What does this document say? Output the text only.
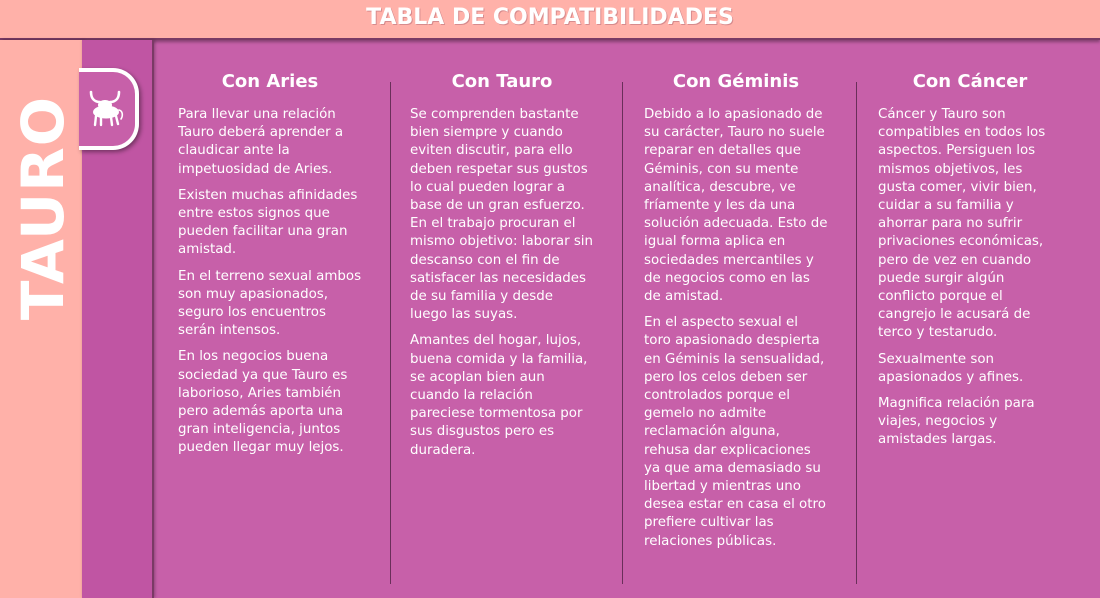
TABLA DE COMPATIBILIDADES
TAURO
Con Aries

Para llevar una relación Tauro deberá aprender a claudicar ante la impetuosidad de Aries.

Existen muchas afinidades entre estos signos que pueden facilitar una gran amistad.

En el terreno sexual ambos son muy apasionados, seguro los encuentros serán intensos.

En los negocios buena sociedad ya que Tauro es laborioso, Aries también pero además aporta una gran inteligencia, juntos pueden llegar muy lejos.

Con Tauro

Se comprenden bastante bien siempre y cuando eviten discutir, para ello deben respetar sus gustos lo cual pueden lograr a base de un gran esfuerzo. En el trabajo procuran el mismo objetivo: laborar sin descanso con el fin de satisfacer las necesidades de su familia y desde luego las suyas.

Amantes del hogar, lujos, buena comida y la familia, se acoplan bien aun cuando la relación pareciese tormentosa por sus disgustos pero es duradera.

Con Géminis

Debido a lo apasionado de su carácter, Tauro no suele reparar en detalles que Géminis, con su mente analítica, descubre, ve fríamente y les da una solución adecuada. Esto de igual forma aplica en sociedades mercantiles y de negocios como en las de amistad.

En el aspecto sexual el toro apasionado despierta en Géminis la sensualidad, pero los celos deben ser controlados porque el gemelo no admite reclamación alguna, rehusa dar explicaciones ya que ama demasiado su libertad y mientras uno desea estar en casa el otro prefiere cultivar las relaciones públicas.

Con Cáncer

Cáncer y Tauro son compatibles en todos los aspectos. Persiguen los mismos objetivos, les gusta comer, vivir bien, cuidar a su familia y ahorrar para no sufrir privaciones económicas, pero de vez en cuando puede surgir algún conflicto porque el cangrejo le acusará de terco y testarudo.

Sexualmente son apasionados y afines.

Magnifica relación para viajes, negocios y amistades largas.
